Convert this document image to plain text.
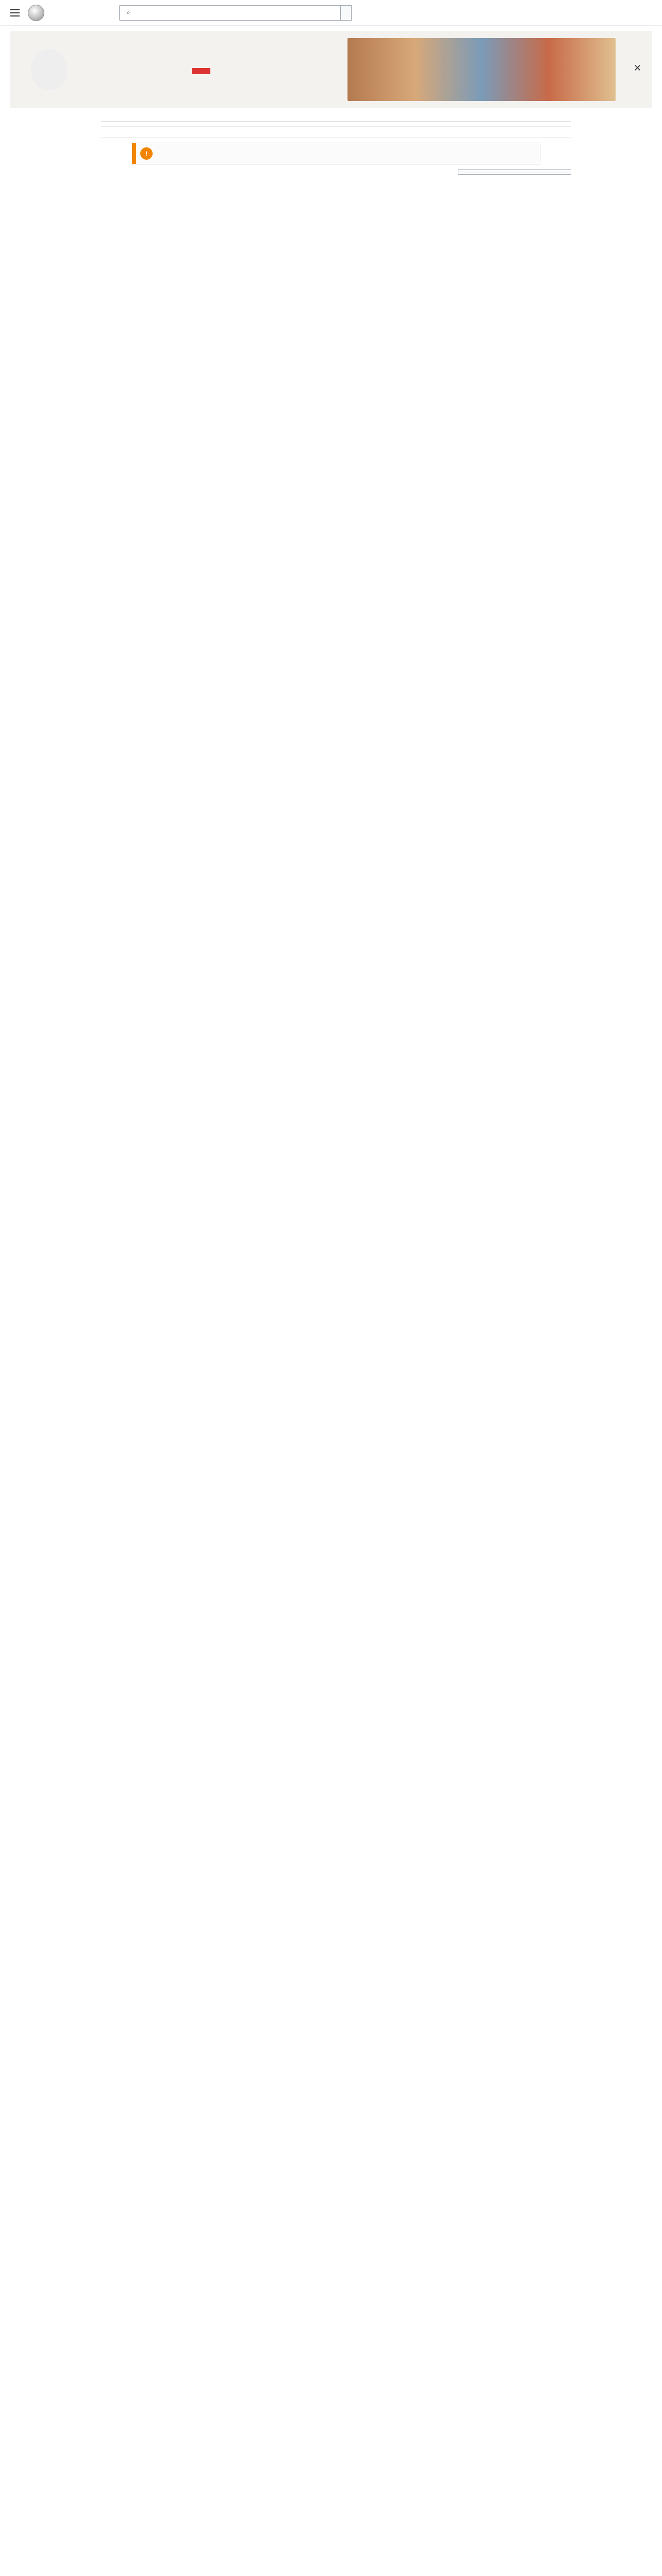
⌕

✕
!
